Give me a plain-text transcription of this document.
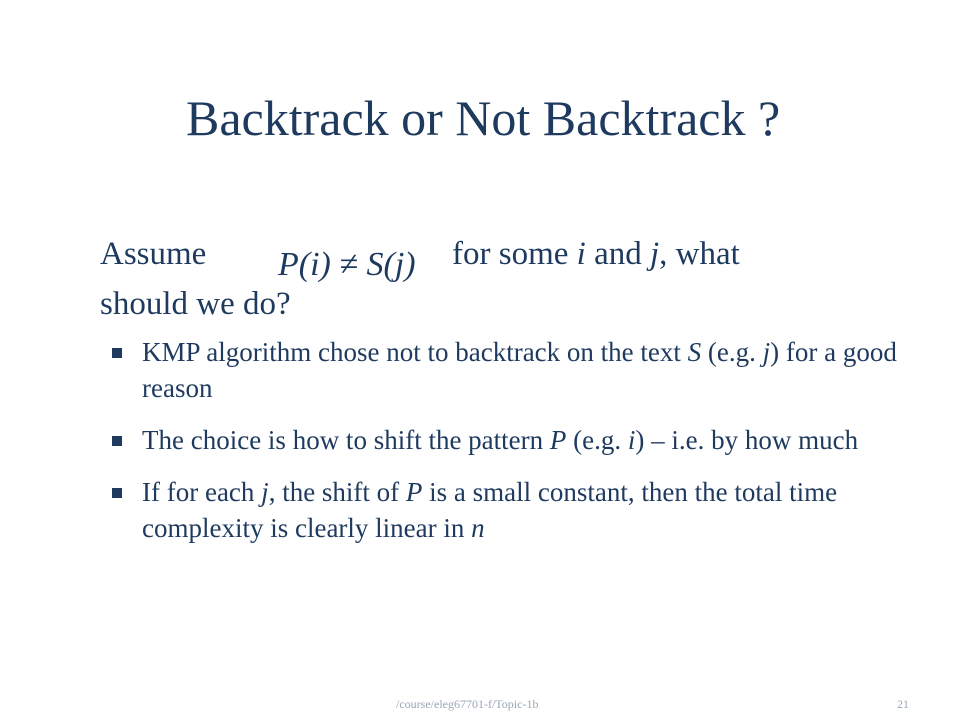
Backtrack or Not Backtrack ?
Assume P(i) ≠ S(j) for some i and j, what
should we do?
KMP algorithm chose not to backtrack on the text S (e.g. j) for a good reason
The choice is how to shift the pattern P (e.g. i) – i.e. by how much
If for each j, the shift of P is a small constant, then the total time complexity is clearly linear in n
/course/eleg67701-f/Topic-1b	21
